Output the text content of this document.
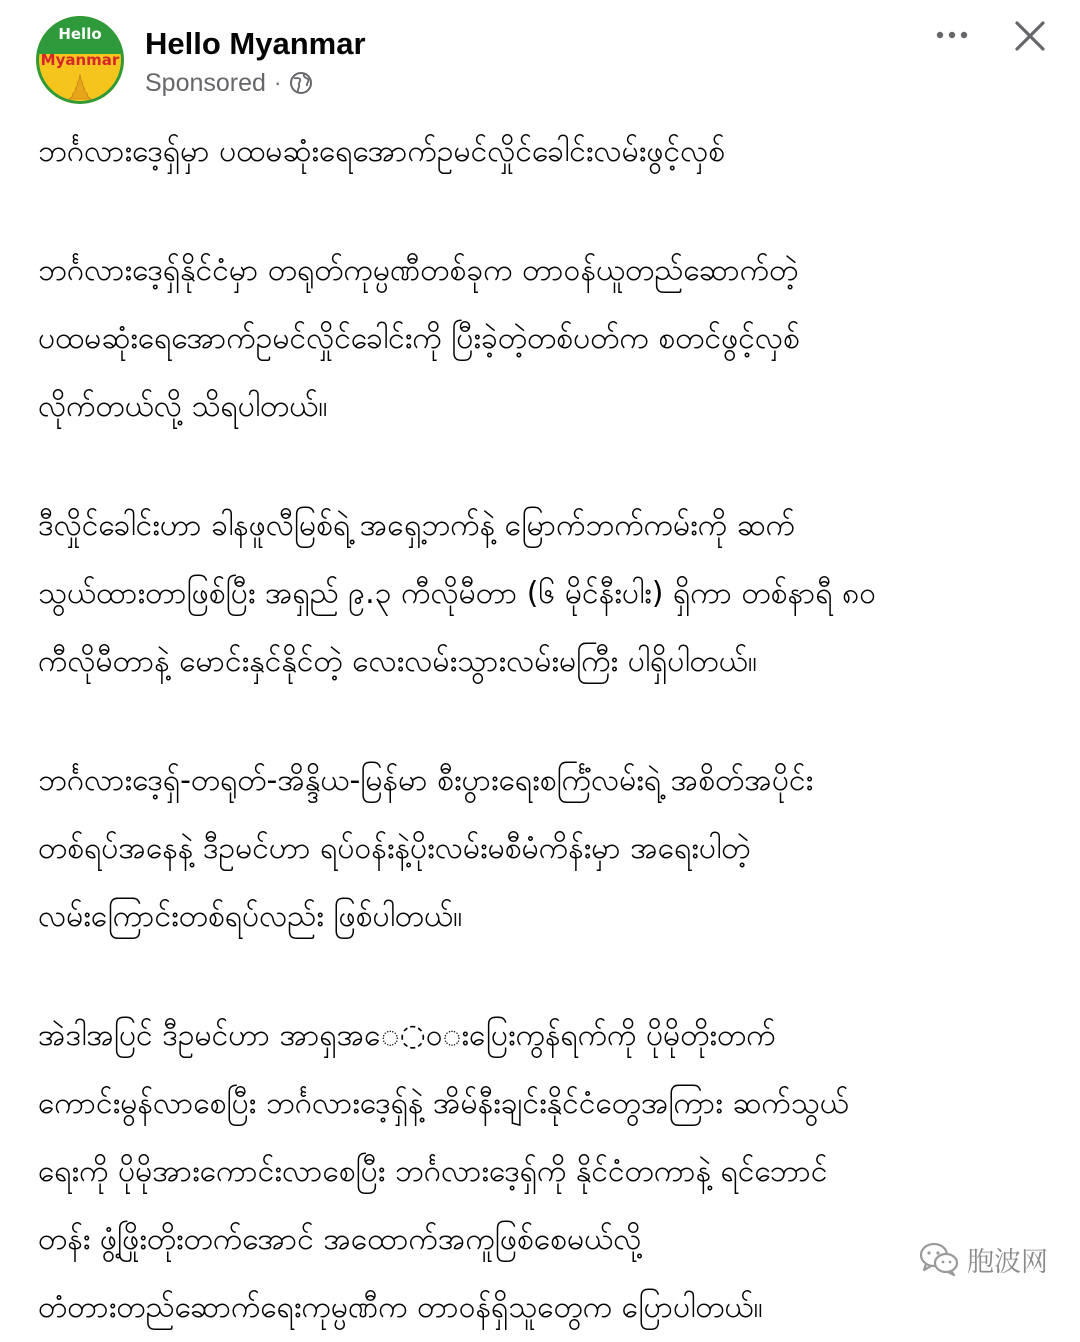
Hello
Myanmar Hello Myanmar
Sponsored ·

ဘင်္ဂလားဒေ့ရှ်မှာ ပထမဆုံးရေအောက်ဥမင်လှိုင်ခေါင်းလမ်းဖွင့်လှစ်

ဘင်္ဂလားဒေ့ရှ်နိုင်ငံမှာ တရုတ်ကုမ္ပဏီတစ်ခုက တာဝန်ယူတည်ဆောက်တဲ့
ပထမဆုံးရေအောက်ဥမင်လှိုင်ခေါင်းကို ပြီးခဲ့တဲ့တစ်ပတ်က စတင်ဖွင့်လှစ်
လိုက်တယ်လို့ သိရပါတယ်။

ဒီလှိုင်ခေါင်းဟာ ခါနဖူလီမြစ်ရဲ့ အရှေ့ဘက်နဲ့ မြောက်ဘက်ကမ်းကို ဆက်
သွယ်ထားတာဖြစ်ပြီး အရှည် ၉.၃ ကီလိုမီတာ (၆ မိုင်နီးပါး) ရှိကာ တစ်နာရီ ၈၀
ကီလိုမီတာနဲ့ မောင်းနှင်နိုင်တဲ့ လေးလမ်းသွားလမ်းမကြီး ပါရှိပါတယ်။

ဘင်္ဂလားဒေ့ရှ်-တရုတ်-အိန္ဒိယ-မြန်မာ စီးပွားရေးစင်္ကြံလမ်းရဲ့ အစိတ်အပိုင်း
တစ်ရပ်အနေနဲ့ ဒီဥမင်ဟာ ရပ်ဝန်းနဲ့ပိုးလမ်းမစီမံကိန်းမှာ အရေးပါတဲ့
လမ်းကြောင်းတစ်ရပ်လည်း ဖြစ်ပါတယ်။

အဲဒါအပြင် ဒီဥမင်ဟာ အာရှအ◌ေ◌ဝ◌းပြေးကွန်ရက်ကို ပိုမိုတိုးတက်
ကောင်းမွန်လာစေပြီး ဘင်္ဂလားဒေ့ရှ်နဲ့ အိမ်နီးချင်းနိုင်ငံတွေအကြား ဆက်သွယ်
ရေးကို ပိုမိုအားကောင်းလာစေပြီး ဘင်္ဂလားဒေ့ရှ်ကို နိုင်ငံတကာနဲ့ ရင်ဘောင်
တန်း ဖွံ့ဖြိုးတိုးတက်အောင် အထောက်အကူဖြစ်စေမယ်လို့
တံတားတည်ဆောက်ရေးကုမ္ပဏီက တာဝန်ရှိသူတွေက ပြောပါတယ်။

胞波网
